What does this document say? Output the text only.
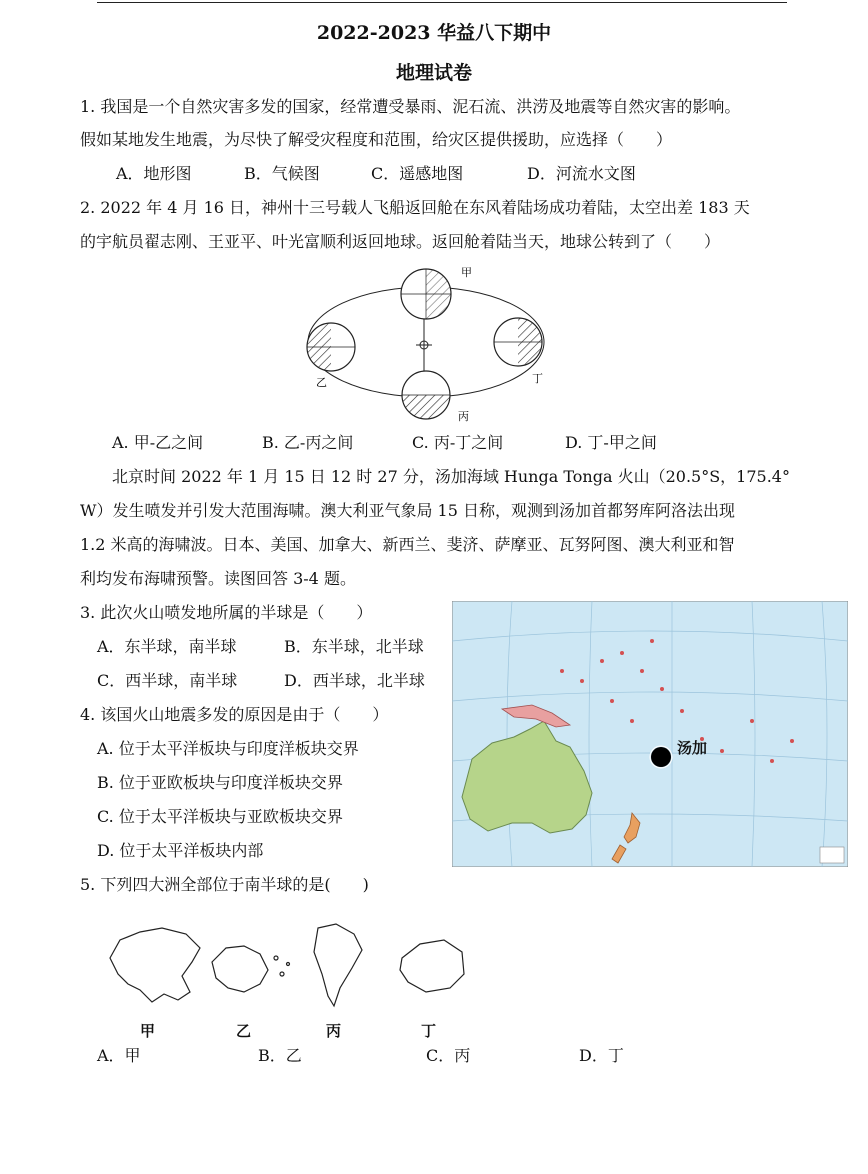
2022-2023 华益八下期中
地理试卷
1. 我国是一个自然灾害多发的国家，经常遭受暴雨、泥石流、洪涝及地震等自然灾害的影响。
假如某地发生地震，为尽快了解受灾程度和范围，给灾区提供援助，应选择（　　）
A．地形图	B．气候图	C．遥感地图	D．河流水文图
2. 2022 年 4 月 16 日，神州十三号载人飞船返回舱在东风着陆场成功着陆，太空出差 183 天
的宇航员翟志刚、王亚平、叶光富顺利返回地球。返回舱着陆当天，地球公转到了（　　）
甲
乙
丙
丁
A. 甲-乙之间	B. 乙-丙之间	C. 丙-丁之间	D. 丁-甲之间
北京时间 2022 年 1 月 15 日 12 时 27 分，汤加海域 Hunga Tonga 火山（20.5°S，175.4°
W）发生喷发并引发大范围海啸。澳大利亚气象局 15 日称，观测到汤加首都努库阿洛法出现
1.2 米高的海啸波。日本、美国、加拿大、新西兰、斐济、萨摩亚、瓦努阿图、澳大利亚和智
利均发布海啸预警。读图回答 3-4 题。
3. 此次火山喷发地所属的半球是（　　）
A．东半球，南半球	B．东半球，北半球
C．西半球，南半球	D．西半球，北半球
汤加
4. 该国火山地震多发的原因是由于（　　）
A. 位于太平洋板块与印度洋板块交界
B. 位于亚欧板块与印度洋板块交界
C. 位于太平洋板块与亚欧板块交界
D. 位于太平洋板块内部
5. 下列四大洲全部位于南半球的是(　　)
甲	乙	丙	丁
A．甲	B．乙	C．丙	D．丁
